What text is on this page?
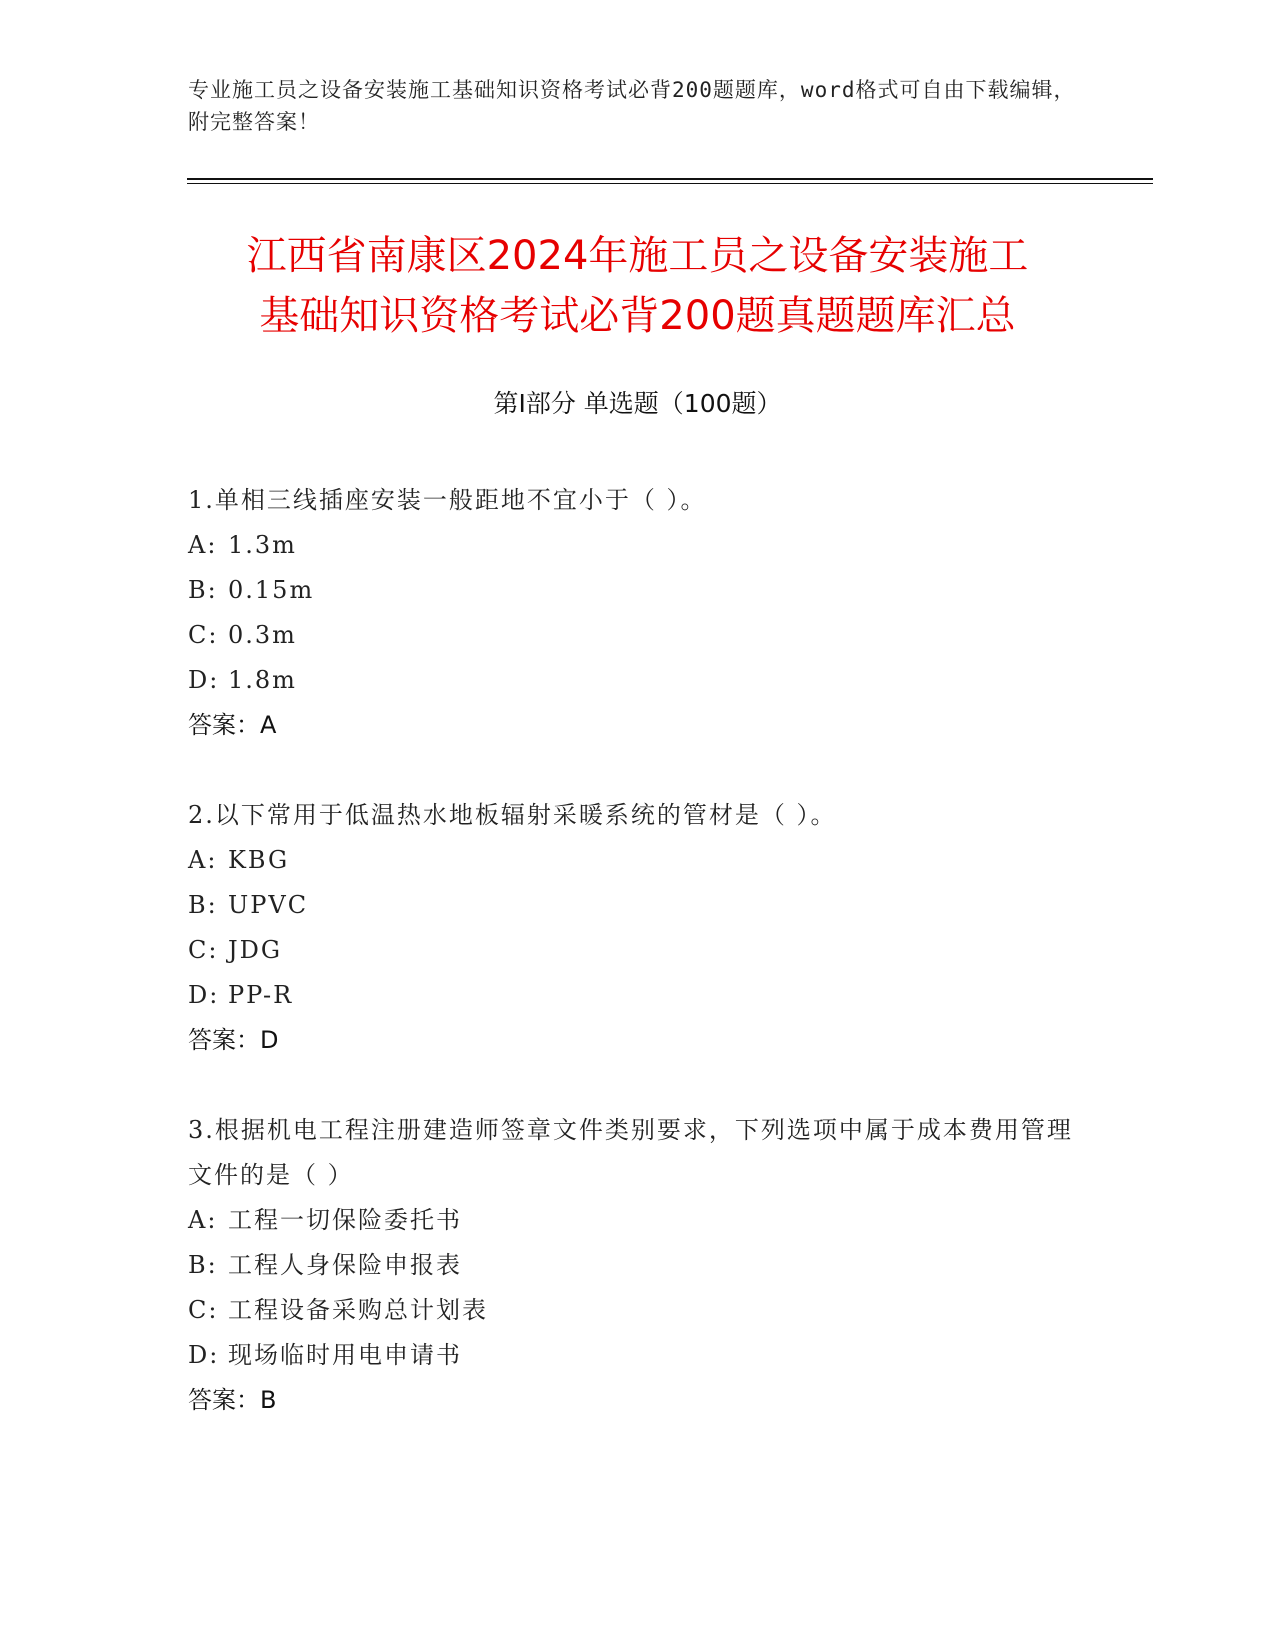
专业施工员之设备安装施工基础知识资格考试必背200题题库，word格式可自由下载编辑，附完整答案！
江西省南康区2024年施工员之设备安装施工
基础知识资格考试必背200题真题题库汇总
第Ⅰ部分 单选题（100题）
1.单相三线插座安装一般距地不宜小于（ ）。
A: 1.3m
B: 0.15m
C: 0.3m
D: 1.8m
答案：A
2.以下常用于低温热水地板辐射采暖系统的管材是（ ）。
A: KBG
B: UPVC
C: JDG
D: PP-R
答案：D
3.根据机电工程注册建造师签章文件类别要求，下列选项中属于成本费用管理文件的是（ ）
A: 工程一切保险委托书
B: 工程人身保险申报表
C: 工程设备采购总计划表
D: 现场临时用电申请书
答案：B
